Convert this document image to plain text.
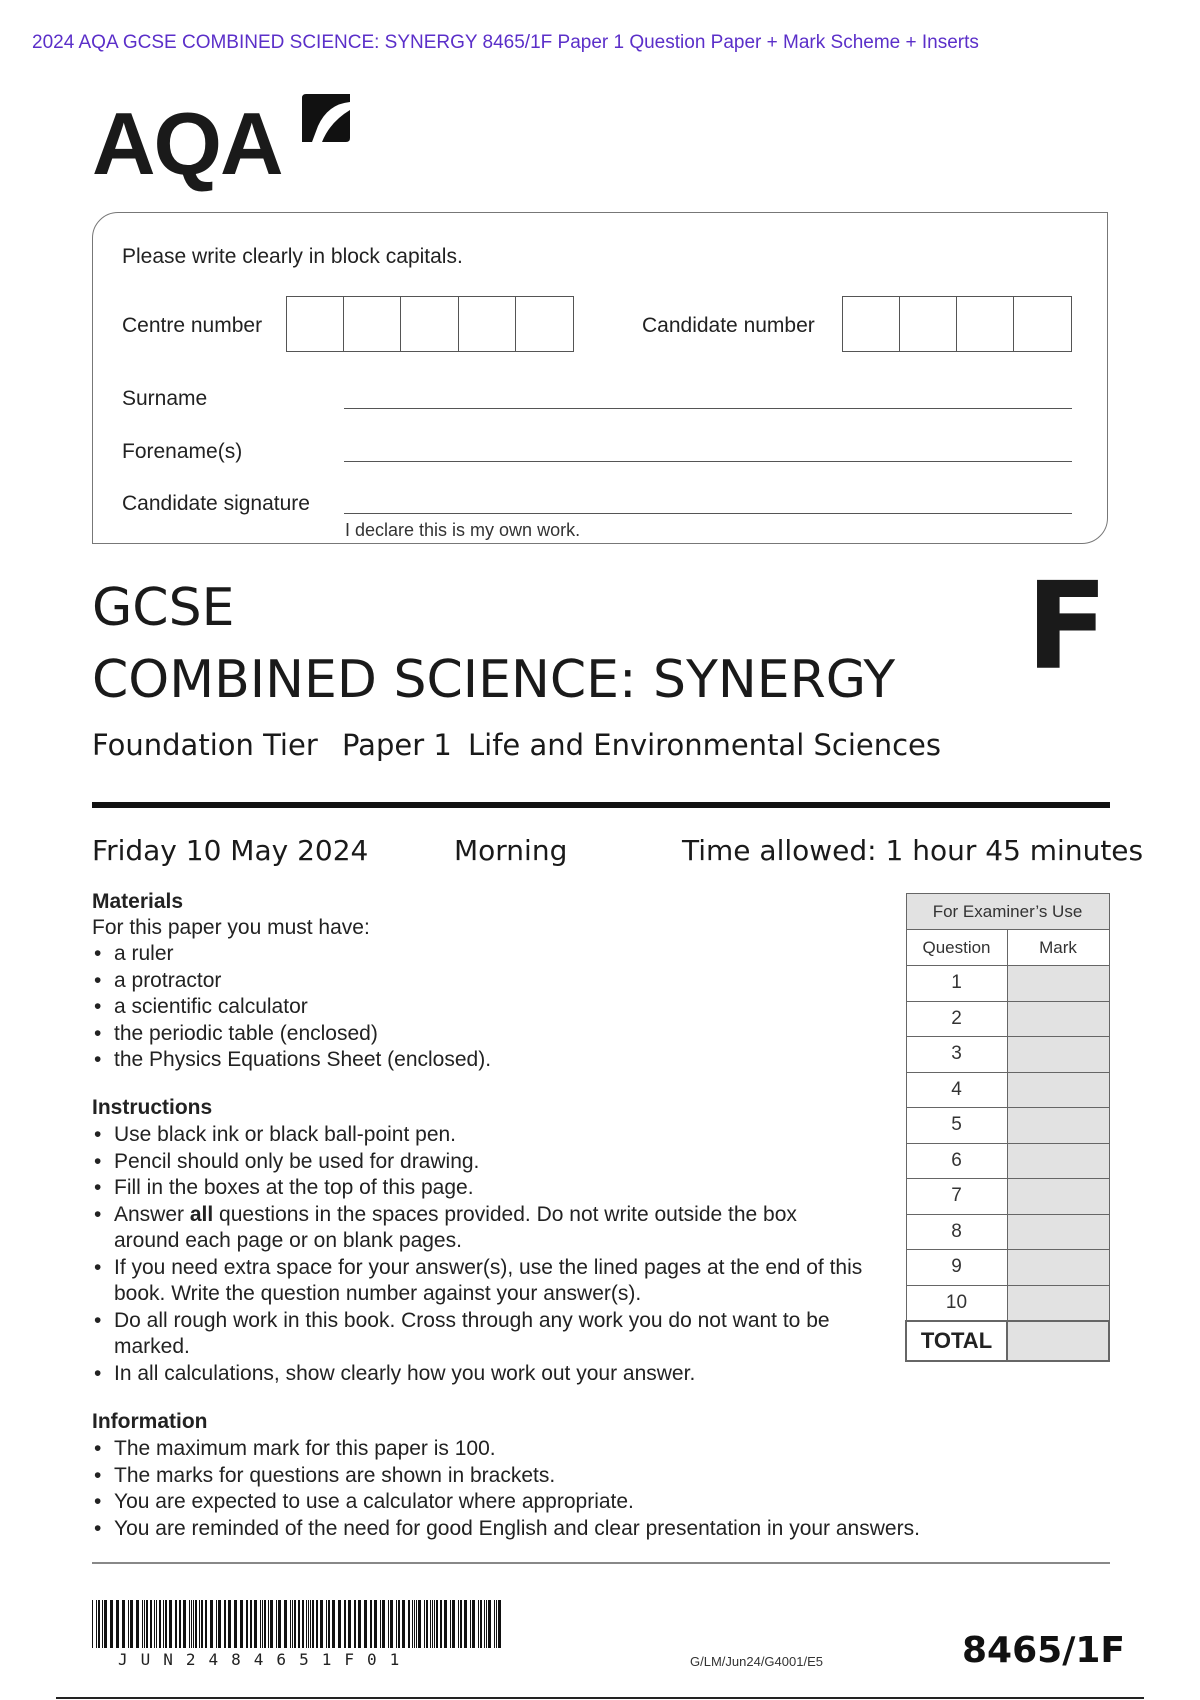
2024 AQA GCSE COMBINED SCIENCE: SYNERGY 8465/1F Paper 1 Question Paper + Mark Scheme + Inserts
AQA
Please write clearly in block capitals.
Centre number	Candidate number
Surname
Forename(s)
Candidate signature
I declare this is my own work.
GCSE
COMBINED SCIENCE: SYNERGY F
Foundation Tier Paper 1 Life and Environmental Sciences
Friday 10 May 2024	Morning	Time allowed: 1 hour 45 minutes
Materials
For this paper you must have:
• a ruler
• a protractor
• a scientific calculator
• the periodic table (enclosed)
• the Physics Equations Sheet (enclosed).
Instructions
• Use black ink or black ball-point pen.
• Pencil should only be used for drawing.
• Fill in the boxes at the top of this page.
• Answer all questions in the spaces provided. Do not write outside the box around each page or on blank pages.
• If you need extra space for your answer(s), use the lined pages at the end of this book. Write the question number against your answer(s).
• Do all rough work in this book. Cross through any work you do not want to be marked.
• In all calculations, show clearly how you work out your answer.
Information
• The maximum mark for this paper is 100.
• The marks for questions are shown in brackets.
• You are expected to use a calculator where appropriate.
• You are reminded of the need for good English and clear presentation in your answers.
For Examiner’s Use	
Question	Mark
1	
2	
3	
4	
5	
6	
7	
8	
9	
10	
TOTAL	
JUN2484651F01	G/LM/Jun24/G4001/E5	8465/1F
